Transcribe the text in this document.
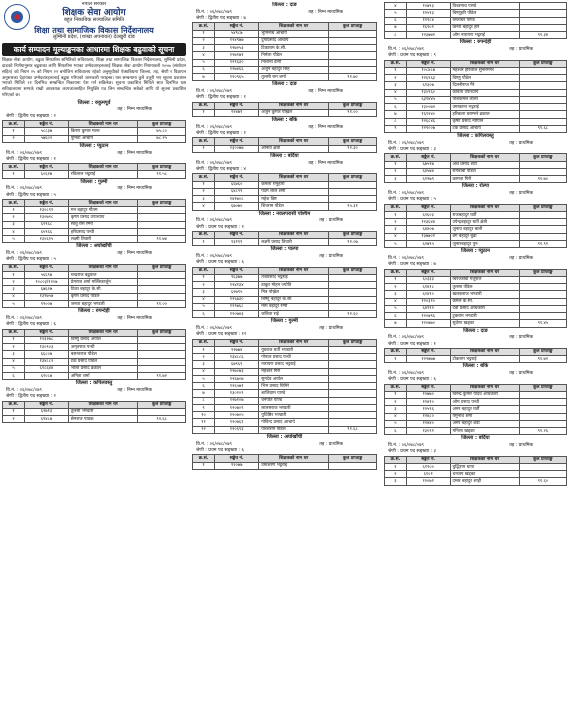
नेपाल सरकार
शिक्षक सेवा आयोग
बहुत निकायिक सञ्चालित समिति
शिक्षा तथा सामाजिक विकास निर्देशनालय
लुम्बिनी प्रदेश, (शाखा अपनायत) देउखुरी दाङ
कार्य सम्पादन मूल्याङ्कनका आधारमा शिक्षक बढुवाको सूचना
शिक्षक सेवा आयोग, बढुवा सिफारिस समितिको सचिवालय, शिक्षा तथा सामाजिक विकास निर्देशनालय, लुम्बिनी प्रदेश, दाङको निर्णयानुसार बढुवाका लागि सिफारिस भएका उम्मेदवारहरूलाई शिक्षक सेवा आयोग नियमावली २०५७ (संशोधन सहित) को नियम २५ को नियम २२ बमोजिम सचिवालय रहेको अनुसूचीको ऐक्यबिधमा जिल्ला, तह, श्रेणी र विज्ञापन अनुसारका देहायका उम्मेदवारहरूलाई बढुवा गरिएको जानकारी गराइन्छ। यस सम्बन्धमा कुनै उजुरी भए सूचना प्रकाशन भएको मितिले २१ दिनभित्र सम्बन्धित निकायमा पेश गर्न सकिनेछ। सूचना प्रकाशित मितिले सात दिनभित्र यस सचिवालयमा सम्पर्क राखी आवश्यक कागजातसहित नियुक्ति पत्र लिन सम्बन्धित सबैको लागि यो सूचना प्रकाशित गरिएको छ।
जिल्ला : रुकुमपूर्व
तह : निम्न माध्यमिक
श्रेणी : द्वितीय पद सङ्ख्या : २
क्र.सं.	सङ्केत नं.	शिक्षकको नाम थर	कुल प्राप्ताङ्क
१	५८८३७	किरण कुमार मल्ल	७५.८०
२	५७६०२	पुनिता आचार्य	७८.२५
जिल्ला : प्युठान
वि.नं. : ०६/०७८/०७९	तह : निम्न माध्यमिक
श्रेणी : द्वितीय पद सङ्ख्या : १
क्र.सं.	सङ्केत नं.	शिक्षकको नाम थर	कुल प्राप्ताङ्क
१	६०६२७	रविलाल भट्टराई	९१.५८
जिल्ला : गुल्मी
वि.नं. : ०६/०७८/०७९	तह : निम्न माध्यमिक
श्रेणी : द्वितीय पद सङ्ख्या : ५
क्र.सं.	सङ्केत नं.	शिक्षकको नाम थर	कुल प्राप्ताङ्क
१	१३०८९१	मन बहादुर गौतम	
२	१३०७२८	कृष्ण प्रसाद उपाध्याय	
३	६२९६८	साधु राम रेग्मी	
४	६५९६६	हरिप्रसाद पन्थी	
५	१३०६१५	लक्ष्मी तिवारी	९१.७४
जिल्ला : अर्घाखाँची
वि.नं. : ०६/०७८/०७९	तह : निम्न माध्यमिक
श्रेणी : द्वितीय पद सङ्ख्या : ५
क्र.सं.	सङ्केत नं.	शिक्षकको नाम थर	कुल प्राप्ताङ्क
१	५६६९७	चन्द्रराज बढुवाल	
२	१०८०३/१२०७	प्रेमराज शर्मा मल्लिकार्जुन	
३	६७६२७	टिका बहादुर के.सी.	
४	१३१७५७	कृष्ण प्रसाद पौडेल	
५	१२००७	जनता बहादुर भण्डारी	९१.००
जिल्ला : रुपन्देही
वि.नं. : ०६/०७८/०७९	तह : निम्न माध्यमिक
श्रेणी : द्वितीय पद सङ्ख्या : ६
क्र.सं.	सङ्केत नं.	शिक्षकको नाम थर	कुल प्राप्ताङ्क
१	१२३२७८	विष्णु प्रसाद अर्याल	
२	१३०९०३	अमृतराज पन्थी	
३	६६८०७	बसन्तराज पौडेल	
४	१३४८८२	टंक प्रसाद पौडेल	
५	६१८६४४	भोला प्रसाद ढकाल	
६	६९०८७	अनिता शर्मा	९१.७२
जिल्ला : कपिलवस्तु
वि.नं. : ०६/०७८/०७९	तह : निम्न माध्यमिक
श्रेणी : द्वितीय पद सङ्ख्या : २
क्र.सं.	सङ्केत नं.	शिक्षकको नाम थर	कुल प्राप्ताङ्क
१	६२७१३	तुलसी भण्डारी	
२	६१४८७	छेनराज पाठक	९२.६८
जिल्ला : दाङ
वि.नं. : ०६/०७८/०७९	तह : निम्न माध्यमिक
श्रेणी : द्वितीय पद सङ्ख्या : ७
क्र.सं.	सङ्केत नं.	शिक्षकको नाम थर	कुल प्राप्ताङ्क
१	५४९८७	भुमिनाथ आचार्य	
२	१२४९७७	दुर्गाप्रसाद आचार्य	
३	१२७२५३	टिकाराम के.सी.	
४	१२७१७१	निर्मला पौडेल	
५	१२९६३०	निशान्त डाँगी	
६	१२७४६६	अर्जुन बहादुर सिंह	
७	१२०९६५	तुलसी राम शर्मा	९१.७०
जिल्ला : दाङ
वि.नं. : ०६/०७८/०७९	तह : निम्न माध्यमिक
श्रेणी : द्वितीय पद सङ्ख्या : १
क्र.सं.	सङ्केत नं.	शिक्षकको नाम थर	कुल प्राप्ताङ्क
१	१२४७१	अर्जुन कुमार पोख्रेल	९१.००
जिल्ला : बाँके
वि.नं. : ०६/०७८/०७९	तह : निम्न माध्यमिक
श्रेणी : द्वितीय पद सङ्ख्या : १
क्र.सं.	सङ्केत नं.	शिक्षकको नाम थर	कुल प्राप्ताङ्क
१	१३००७७	अनिता क्षेत्री	९१.३०
जिल्ला : बर्दिया
वि.नं. : ०६/०७८/०७९	तह : निम्न माध्यमिक
श्रेणी : द्वितीय पद सङ्ख्या : ४
क्र.सं.	सङ्केत नं.	शिक्षकको नाम थर	कुल प्राप्ताङ्क
१	६६७६०	कमला रानुहारा	
२	६४८९९	पदम लाल शर्मा	
३	१४१७०८	महेश विष्ट	
४	६७०७०	शिवराम पौडेल	९५.३१
जिल्ला : नवलपरासी पश्चिम
वि.नं. : ०६/०७८/०७९	तह : प्राथमिक
श्रेणी : प्रथम पद सङ्ख्या : १
क्र.सं.	सङ्केत नं.	शिक्षकको नाम थर	कुल प्राप्ताङ्क
१	१३१९९	लक्ष्मी प्रसाद तिवारी	९१.०७
जिल्ला : पाल्पा
वि.नं. : ०६/०७८/०७९	तह : प्राथमिक
श्रेणी : प्रथम पद सङ्ख्या : ६
क्र.सं.	सङ्केत नं.	शिक्षकको नाम थर	कुल प्राप्ताङ्क
१	९६३७७	तेजप्रसाद भट्टराई	
२	१२४१३४	ठाकुर मोहन ज्योति	
३	६२७९५	मित्र पोख्रेल	
४	१२६७३०	बिष्णु बहादुर के.सी.	
५	१२९७६८	माम बहादुर रेग्मी	
६	१२०७४३	जलिता राई	९१.६०
जिल्ला : गुल्मी
वि.नं. : ०६/०७८/०७९	तह : प्राथमिक
श्रेणी : प्रथम पद सङ्ख्या : १२
क्र.सं.	सङ्केत नं.	शिक्षकको नाम थर	कुल प्राप्ताङ्क
१	१२७७४	युवराज घर्ती भण्डारी	
२	१३४८८६	गोपाल प्रसाद पन्थी	
३	६७९६९	नारायण प्रसाद भट्टराई	
४	१२७०७३	महेश्वर गिरी	
५	१२६७०७	सुनदेव अर्याल	
६	१२६५७१	भिम प्रसाद घिमिरे	
७	१३०१०९	शालिग्राम पाण्डे	
८	१२७१०७	धनपति पाण्डे	
९	१२०७०९	लालसराज भण्डारी	
१०	१२०७०५	युधिष्ठिर भण्डारी	
११	१२०७६१	गोविन्द प्रसाद आचार्य	
१२	१२०६९३	पारशराम पौडेल	९१.६८
जिल्ला : अर्घाखाँची
वि.नं. : ०६/०७८/०७९	तह : प्राथमिक
श्रेणी : प्रथम पद सङ्ख्या : ६
क्र.सं.	सङ्केत नं.	शिक्षकको नाम थर	कुल प्राप्ताङ्क
१	१२०७७	उमाशरण भट्टराई	
४	१०७९३	विश्वनाथ पाण्डे	
५	१२५१३	बिष्णुहरि पौडेल	
६	१२९८४	लिलाधर पाण्डे	
७	१६९०१	ठिन्ता बहादुर हरि	
८	१२३७७१	ओम नारायण भट्टराई	९१.३४
जिल्ला : रुपन्देही
वि.नं. : ०६/०७८/०७९	तह : प्राथमिक
श्रेणी : प्रथम पद सङ्ख्या : ९
क्र.सं.	सङ्केत नं.	शिक्षकको नाम थर	कुल प्राप्ताङ्क
१	१०८४८७	महेश्वर हरिलाल सुनारमगर	
२	१२६९६३	विष्णु पौडेल	
३	६१३०७	दिलनीराज गैरे	
४	१३०१६०	कविता उपाध्याय	
५	६३१४४५	पशिकमल लाला	
६	१३००७२	उमाकान्त भट्टराई	
७	१६१२४०	हरिकला बराम्भरे ढकाल	
८	१२६८४६	कृष्ण प्रसाद न्यौपाने	
९	१२९००७	टंक प्रसाद आचार्य	९१.६८
जिल्ला : कपिलवस्तु
वि.नं. : ०६/०७८/०७९	तह : प्राथमिक
श्रेणी : प्रथम पद सङ्ख्या : ३
क्र.सं.	सङ्केत नं.	शिक्षकको नाम थर	कुल प्राप्ताङ्क
१	६७५१७	अंश प्रसाद शेटी	
२	६४५७४	रामबाबी पौडेल	
३	६१२७९	कामता गिरी	९१.७०
जिल्ला : रोल्पा
वि.नं. : ०६/०७८/०७९	तह : प्राथमिक
श्रेणी : प्रथम पद सङ्ख्या : ५
क्र.सं.	सङ्केत नं.	शिक्षकको नाम थर	कुल प्राप्ताङ्क
१	६२६०३	राजबहादुर घर्ती	
२	१२३६४४	उपेन्द्रबहादुर घर्ती क्षेत्री	
३	६४४०७	जुनाव बहादुर बाली	
४	१३७७०१	ठग बहादुर बुढा	
५	६२७९५	जुनारबहादुर पुन	९१.९१
जिल्ला : प्युठान
वि.नं. : ०६/०७८/०७९	तह : प्राथमिक
श्रेणी : प्रथम पद सङ्ख्या : ७
क्र.सं.	सङ्केत नं.	शिक्षकको नाम थर	कुल प्राप्ताङ्क
१	६०३३३	चिरञ्जीवी गजुराल	
२	६१४१८	तुलसा पौडेल	
३	६१४१०	खलकराज भण्डारी	
४	१२०३१०	कमल के.सी.	
५	६४९९२	देवी प्रसाद अधिकारी	
६	१२०७९६	टुकराम भण्डारी	
७	१२०७७०	सुर्वणा खड्का	९१.४५
जिल्ला : दाङ
वि.नं. : ०६/०७८/०७९	तह : प्राथमिक
श्रेणी : प्रथम पद सङ्ख्या : १
क्र.सं.	सङ्केत नं.	शिक्षकको नाम थर	कुल प्राप्ताङ्क
१	१२२७७७	टोकराम भट्टराई	९१.७१
जिल्ला : बाँके
वि.नं. : ०६/०७८/०७९	तह : प्राथमिक
श्रेणी : प्रथम पद सङ्ख्या : ६
क्र.सं.	सङ्केत नं.	शिक्षकको नाम थर	कुल प्राप्ताङ्क
१	१२७७०	विरेन्द्र कुमार यादव अधिकारी	
२	१२४१०	ओम प्रसाद पन्थी	
३	१२५९६	अमर बहादुर घर्ती	
४	१२४८०	यमुनाथ शर्मा	
५	१२४४०	अमर बहादुर शेडी	
६	१३०९१	मनिला खड्का	९१.२६
जिल्ला : बर्दिया
वि.नं. : ०६/०७८/०७९	तह : प्राथमिक
श्रेणी : प्रथम पद सङ्ख्या : ३
क्र.सं.	सङ्केत नं.	शिक्षकको नाम थर	कुल प्राप्ताङ्क
१	६१९००	बुद्धिराम थापा	
२	६१०१	धनजय खड्का	
३	१२०७१	दम्बर बहादुर शाही	९१.६०
